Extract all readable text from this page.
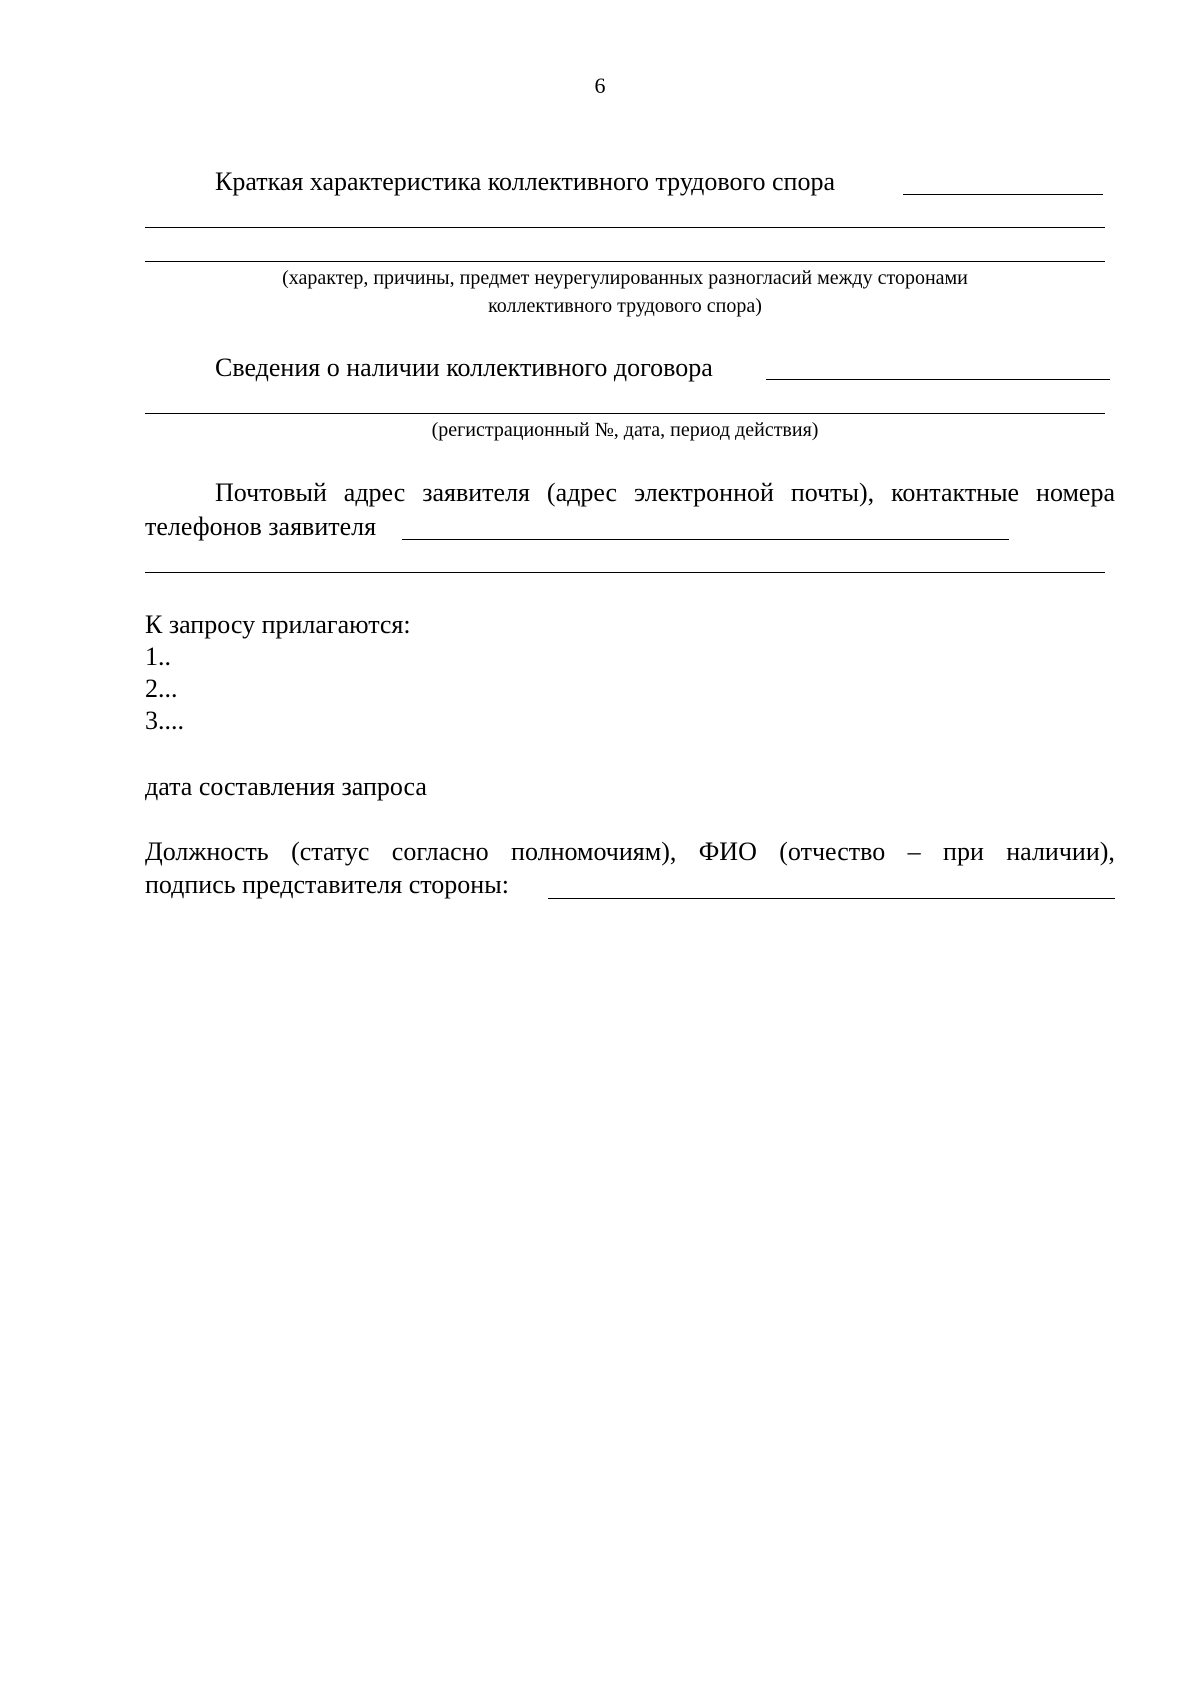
6
Краткая характеристика коллективного трудового спора
(характер, причины, предмет неурегулированных разногласий между сторонами
коллективного трудового спора)
Сведения о наличии коллективного договора
(регистрационный №, дата, период действия)
Почтовый адрес заявителя (адрес электронной почты), контактные номера
телефонов заявителя
К запросу прилагаются:
1..
2...
3....
дата составления запроса
Должность (статус согласно полномочиям), ФИО (отчество – при наличии),
подпись представителя стороны:
